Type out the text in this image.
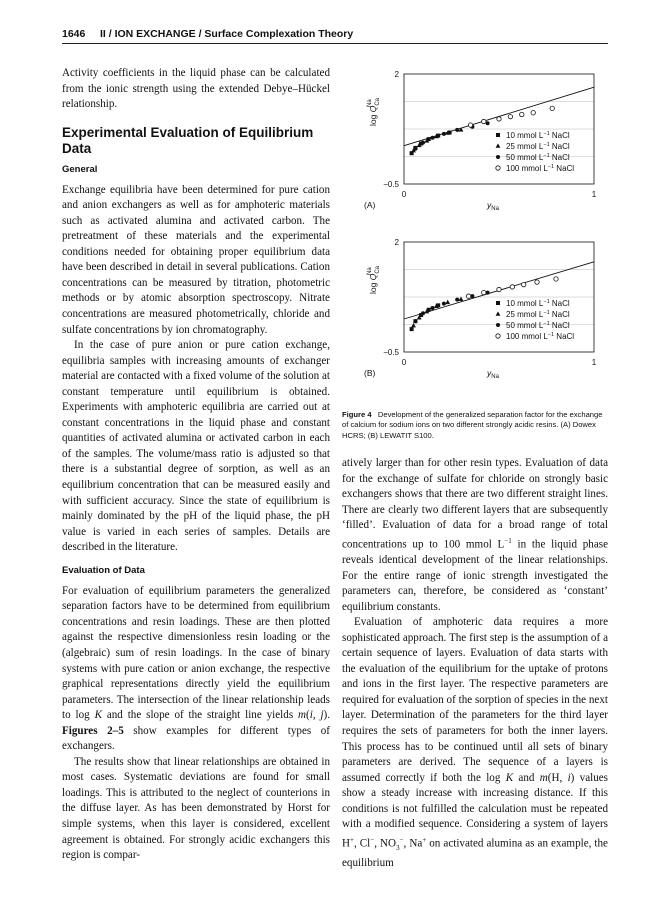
1646 II / ION EXCHANGE / Surface Complexation Theory

Activity coefficients in the liquid phase can be calculated from the ionic strength using the extended Debye–Hückel relationship.

Experimental Evaluation of Equilibrium Data
General

Exchange equilibria have been determined for pure cation and anion exchangers as well as for amphoteric materials such as activated alumina and activated carbon. The pretreatment of these materials and the experimental conditions needed for obtaining proper equilibrium data have been described in detail in several publications. Cation concentrations can be measured by titration, photometric methods or by atomic absorption spectroscopy. Nitrate concentrations are measured photometrically, chloride and sulfate concentrations by ion chromatography.

In the case of pure anion or pure cation exchange, equilibria samples with increasing amounts of exchanger material are contacted with a fixed volume of the solution at constant temperature until equilibrium is obtained. Experiments with amphoteric equilibria are carried out at constant concentrations in the liquid phase and constant quantities of activated alumina or activated carbon in each of the samples. The volume/mass ratio is adjusted so that there is a substantial degree of sorption, as well as an equilibrium concentration that can be measured easily and with sufficient accuracy. Since the state of equilibrium is mainly dominated by the pH of the liquid phase, the pH value is varied in each series of samples. Details are described in the literature.

Evaluation of Data

For evaluation of equilibrium parameters the generalized separation factors have to be determined from equilibrium concentrations and resin loadings. These are then plotted against the respective dimensionless resin loading or the (algebraic) sum of resin loadings. In the case of binary systems with pure cation or anion exchange, the respective graphical representations directly yield the equilibrium parameters. The intersection of the linear relationship leads to log K and the slope of the straight line yields m(i, j). Figures 2–5 show examples for different types of exchangers.

The results show that linear relationships are obtained in most cases. Systematic deviations are found for small loadings. This is attributed to the neglect of counterions in the diffuse layer. As has been demonstrated by Horst for simple systems, when this layer is considered, excellent agreement is obtained. For strongly acidic exchangers this region is compar-

2
−0.5
0	1
$\log Q_{Ca}Na$
$y_{Na}$
(A)
10 mmol $L^{-1}$ NaCl
25 mmol $L^{-1}$ NaCl
50 mmol $L^{-1}$ NaCl
100 mmol $L^{-1}$ NaCl
2
−0.5
0	1
$\log Q_{Ca}Na$
$y_{Na}$
(B)
10 mmol $L^{-1}$ NaCl
25 mmol $L^{-1}$ NaCl
50 mmol $L^{-1}$ NaCl
100 mmol $L^{-1}$ NaCl
Figure 4 Development of the generalized separation factor for the exchange of calcium for sodium ions on two different strongly acidic resins. (A) Dowex HCRS; (B) LEWATIT S100.

atively larger than for other resin types. Evaluation of data for the exchange of sulfate for chloride on strongly basic exchangers shows that there are two different straight lines. There are clearly two different layers that are subsequently ‘filled’. Evaluation of data for a broad range of total concentrations up to 100 mmol $L^{-1}$ in the liquid phase reveals identical development of the linear relationships. For the entire range of ionic strength investigated the parameters can, therefore, be considered as ‘constant’ equilibrium constants.

Evaluation of amphoteric data requires a more sophisticated approach. The first step is the assumption of a certain sequence of layers. Evaluation of data starts with the evaluation of the equilibrium for the uptake of protons and ions in the first layer. The respective parameters are required for evaluation of the sorption of species in the next layer. Determination of the parameters for the third layer requires the sets of parameters for both the inner layers. This process has to be continued until all sets of binary parameters are derived. The sequence of a layers is assumed correctly if both the log K and m(H, i) values show a steady increase with increasing distance. If this conditions is not fulfilled the calculation must be repeated with a modified sequence. Considering a system of layers H+, Cl−, $NO_3^-$, Na+ on activated alumina as an example, the equilibrium
